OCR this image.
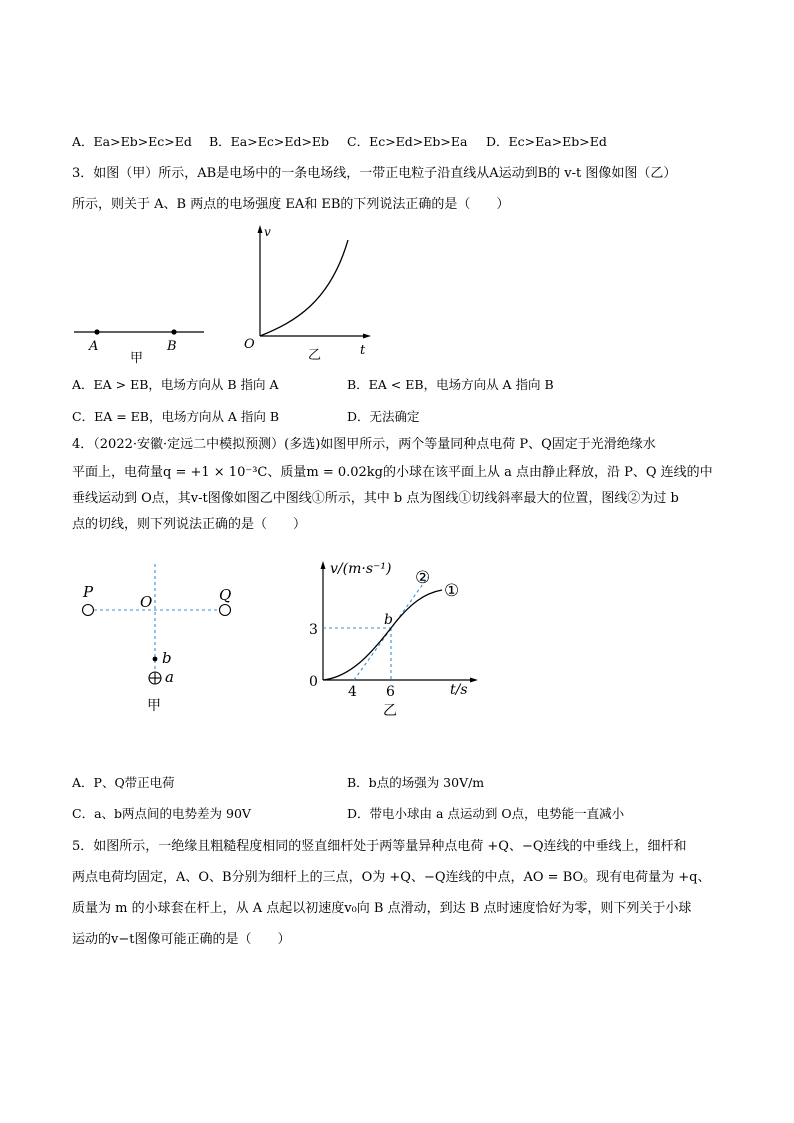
A．Ea>Eb>Ec>Ed B．Ea>Ec>Ed>Eb C．Ec>Ed>Eb>Ea D．Ec>Ea>Eb>Ed
3．如图（甲）所示，AB是电场中的一条电场线，一带正电粒子沿直线从A运动到B的 v-t 图像如图（乙）
所示，则关于 A、B 两点的电场强度 EA和 EB的下列说法正确的是（　　）
A	B
甲
v
t
O
乙
A．EA > EB，电场方向从 B 指向 A	B．EA < EB，电场方向从 A 指向 B
C．EA = EB，电场方向从 A 指向 B	D．无法确定
4．（2022·安徽·定远二中模拟预测）(多选)如图甲所示，两个等量同种点电荷 P、Q固定于光滑绝缘水
平面上，电荷量q = +1 × 10⁻³C、质量m = 0.02kg的小球在该平面上从 a 点由静止释放，沿 P、Q 连线的中
垂线运动到 O点，其v-t图像如图乙中图线①所示，其中 b 点为图线①切线斜率最大的位置，图线②为过 b
点的切线，则下列说法正确的是（　　）
P
O	Q
b
a
甲
v/(m·s⁻¹)
t/s
0
3
4 6
b
①
②
乙
A．P、Q带正电荷	B．b点的场强为 30V/m
C．a、b两点间的电势差为 90V	D．带电小球由 a 点运动到 O点，电势能一直减小
5．如图所示，一绝缘且粗糙程度相同的竖直细杆处于两等量异种点电荷 +Q、−Q连线的中垂线上，细杆和
两点电荷均固定，A、O、B分别为细杆上的三点，O为 +Q、−Q连线的中点，AO = BO。现有电荷量为 +q、
质量为 m 的小球套在杆上，从 A 点起以初速度v₀向 B 点滑动，到达 B 点时速度恰好为零，则下列关于小球
运动的v−t图像可能正确的是（　　）
